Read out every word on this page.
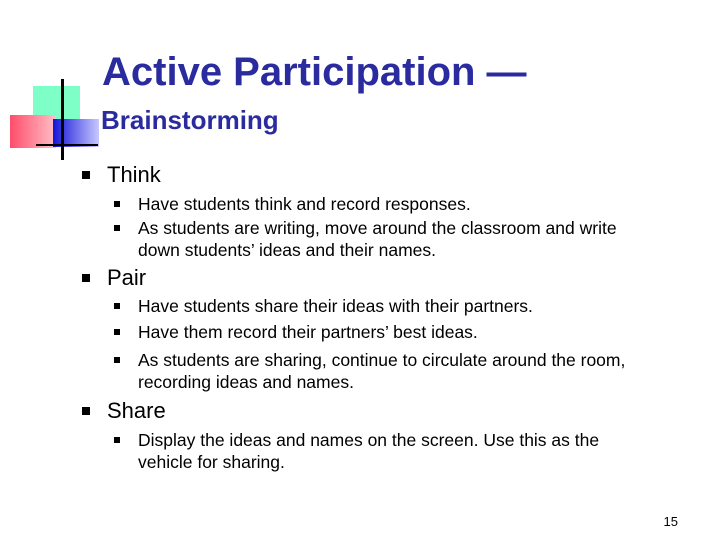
Active Participation —
Brainstorming
Think
Have students think and record responses.
As students are writing, move around the classroom and write down students’ ideas and their names.
Pair
Have students share their ideas with their partners.
Have them record their partners’ best ideas.
As students are sharing, continue to circulate around the room, recording ideas and names.
Share
Display the ideas and names on the screen. Use this as the vehicle for sharing.
15
